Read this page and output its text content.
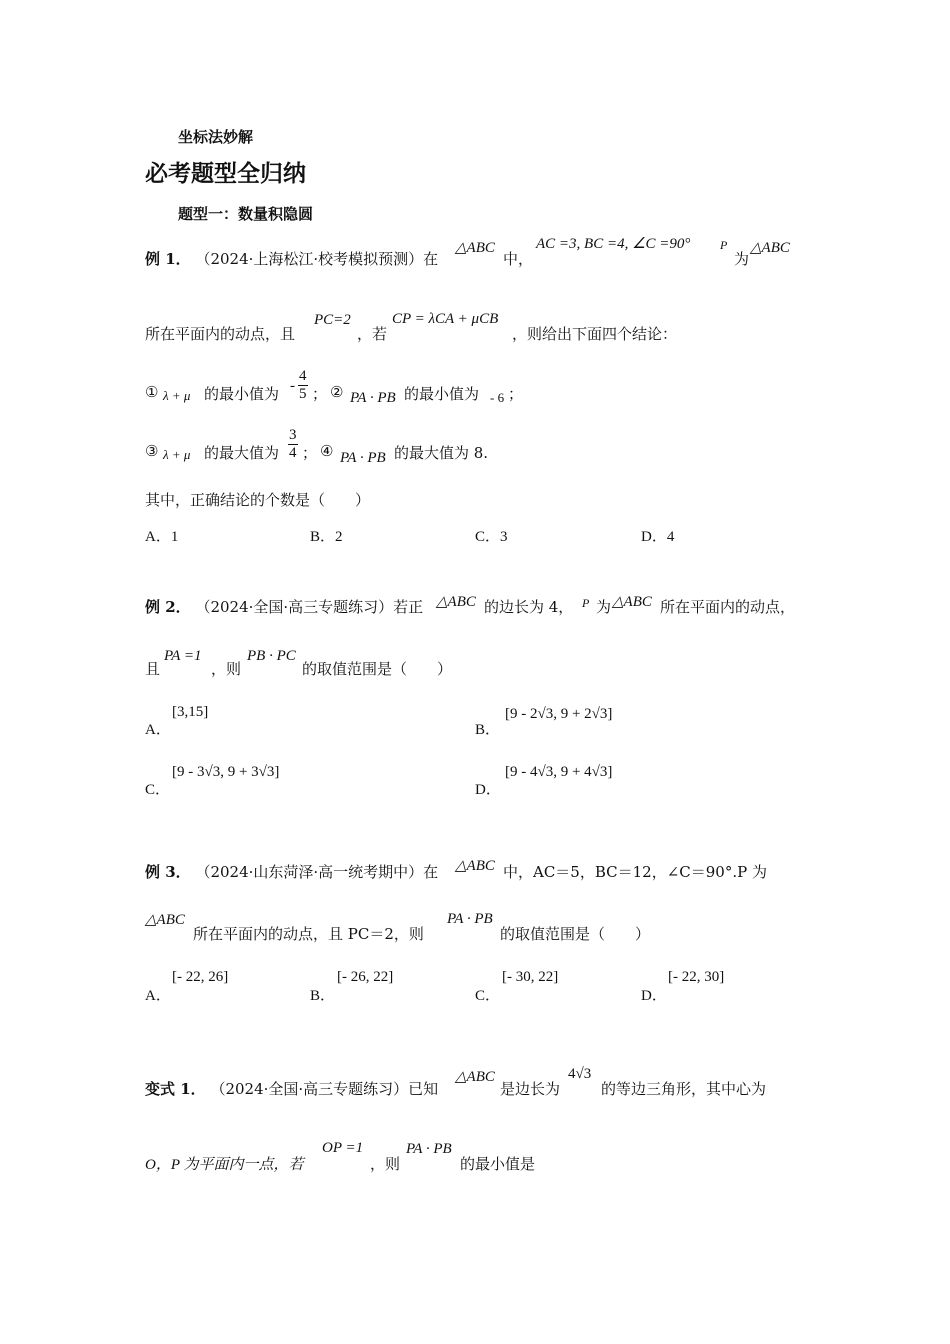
坐标法妙解
必考题型全归纳
题型一：数量积隐圆
例 1． （2024·上海松江·校考模拟预测）在
△ABC
中，
AC =3, BC =4, ∠C =90° P
为
△ABC
所在平面内的动点，且
PC=2
，若
CP = λCA + μCB
，则给出下面四个结论：
① λ + μ 的最小值为 - $\frac{4}{5}$ ； ② PA · PB 的最小值为 - 6 ；
③ λ + μ 的最大值为 $\frac{3}{4}$ ； ④ PA · PB 的最大值为 8.
其中，正确结论的个数是（　　）
A．1	B．2	C．3	D．4
例 2． （2024·全国·高三专题练习）若正 △ABC 的边长为 4， P 为 △ABC 所在平面内的动点，
且
PA =1
，则
PB · PC
的取值范围是（　　）
A．
[3,15]
B．
[9 - 2√3, 9 + 2√3]
C．
[9 - 3√3, 9 + 3√3]
D．
[9 - 4√3, 9 + 4√3]
例 3． （2024·山东菏泽·高一统考期中）在 △ABC 中，AC＝5，BC＝12，∠C＝90°.P 为
△ABC
所在平面内的动点，且 PC＝2，则
PA · PB
的取值范围是（　　）
A．
[- 22, 26]
B．
[- 26, 22]
C．
[- 30, 22]
D．
[- 22, 30]
变式 1． （2024·全国·高三专题练习）已知
△ABC
是边长为
4√3
的等边三角形，其中心为
O，P 为平面内一点，若
OP =1
，则
PA · PB
的最小值是
